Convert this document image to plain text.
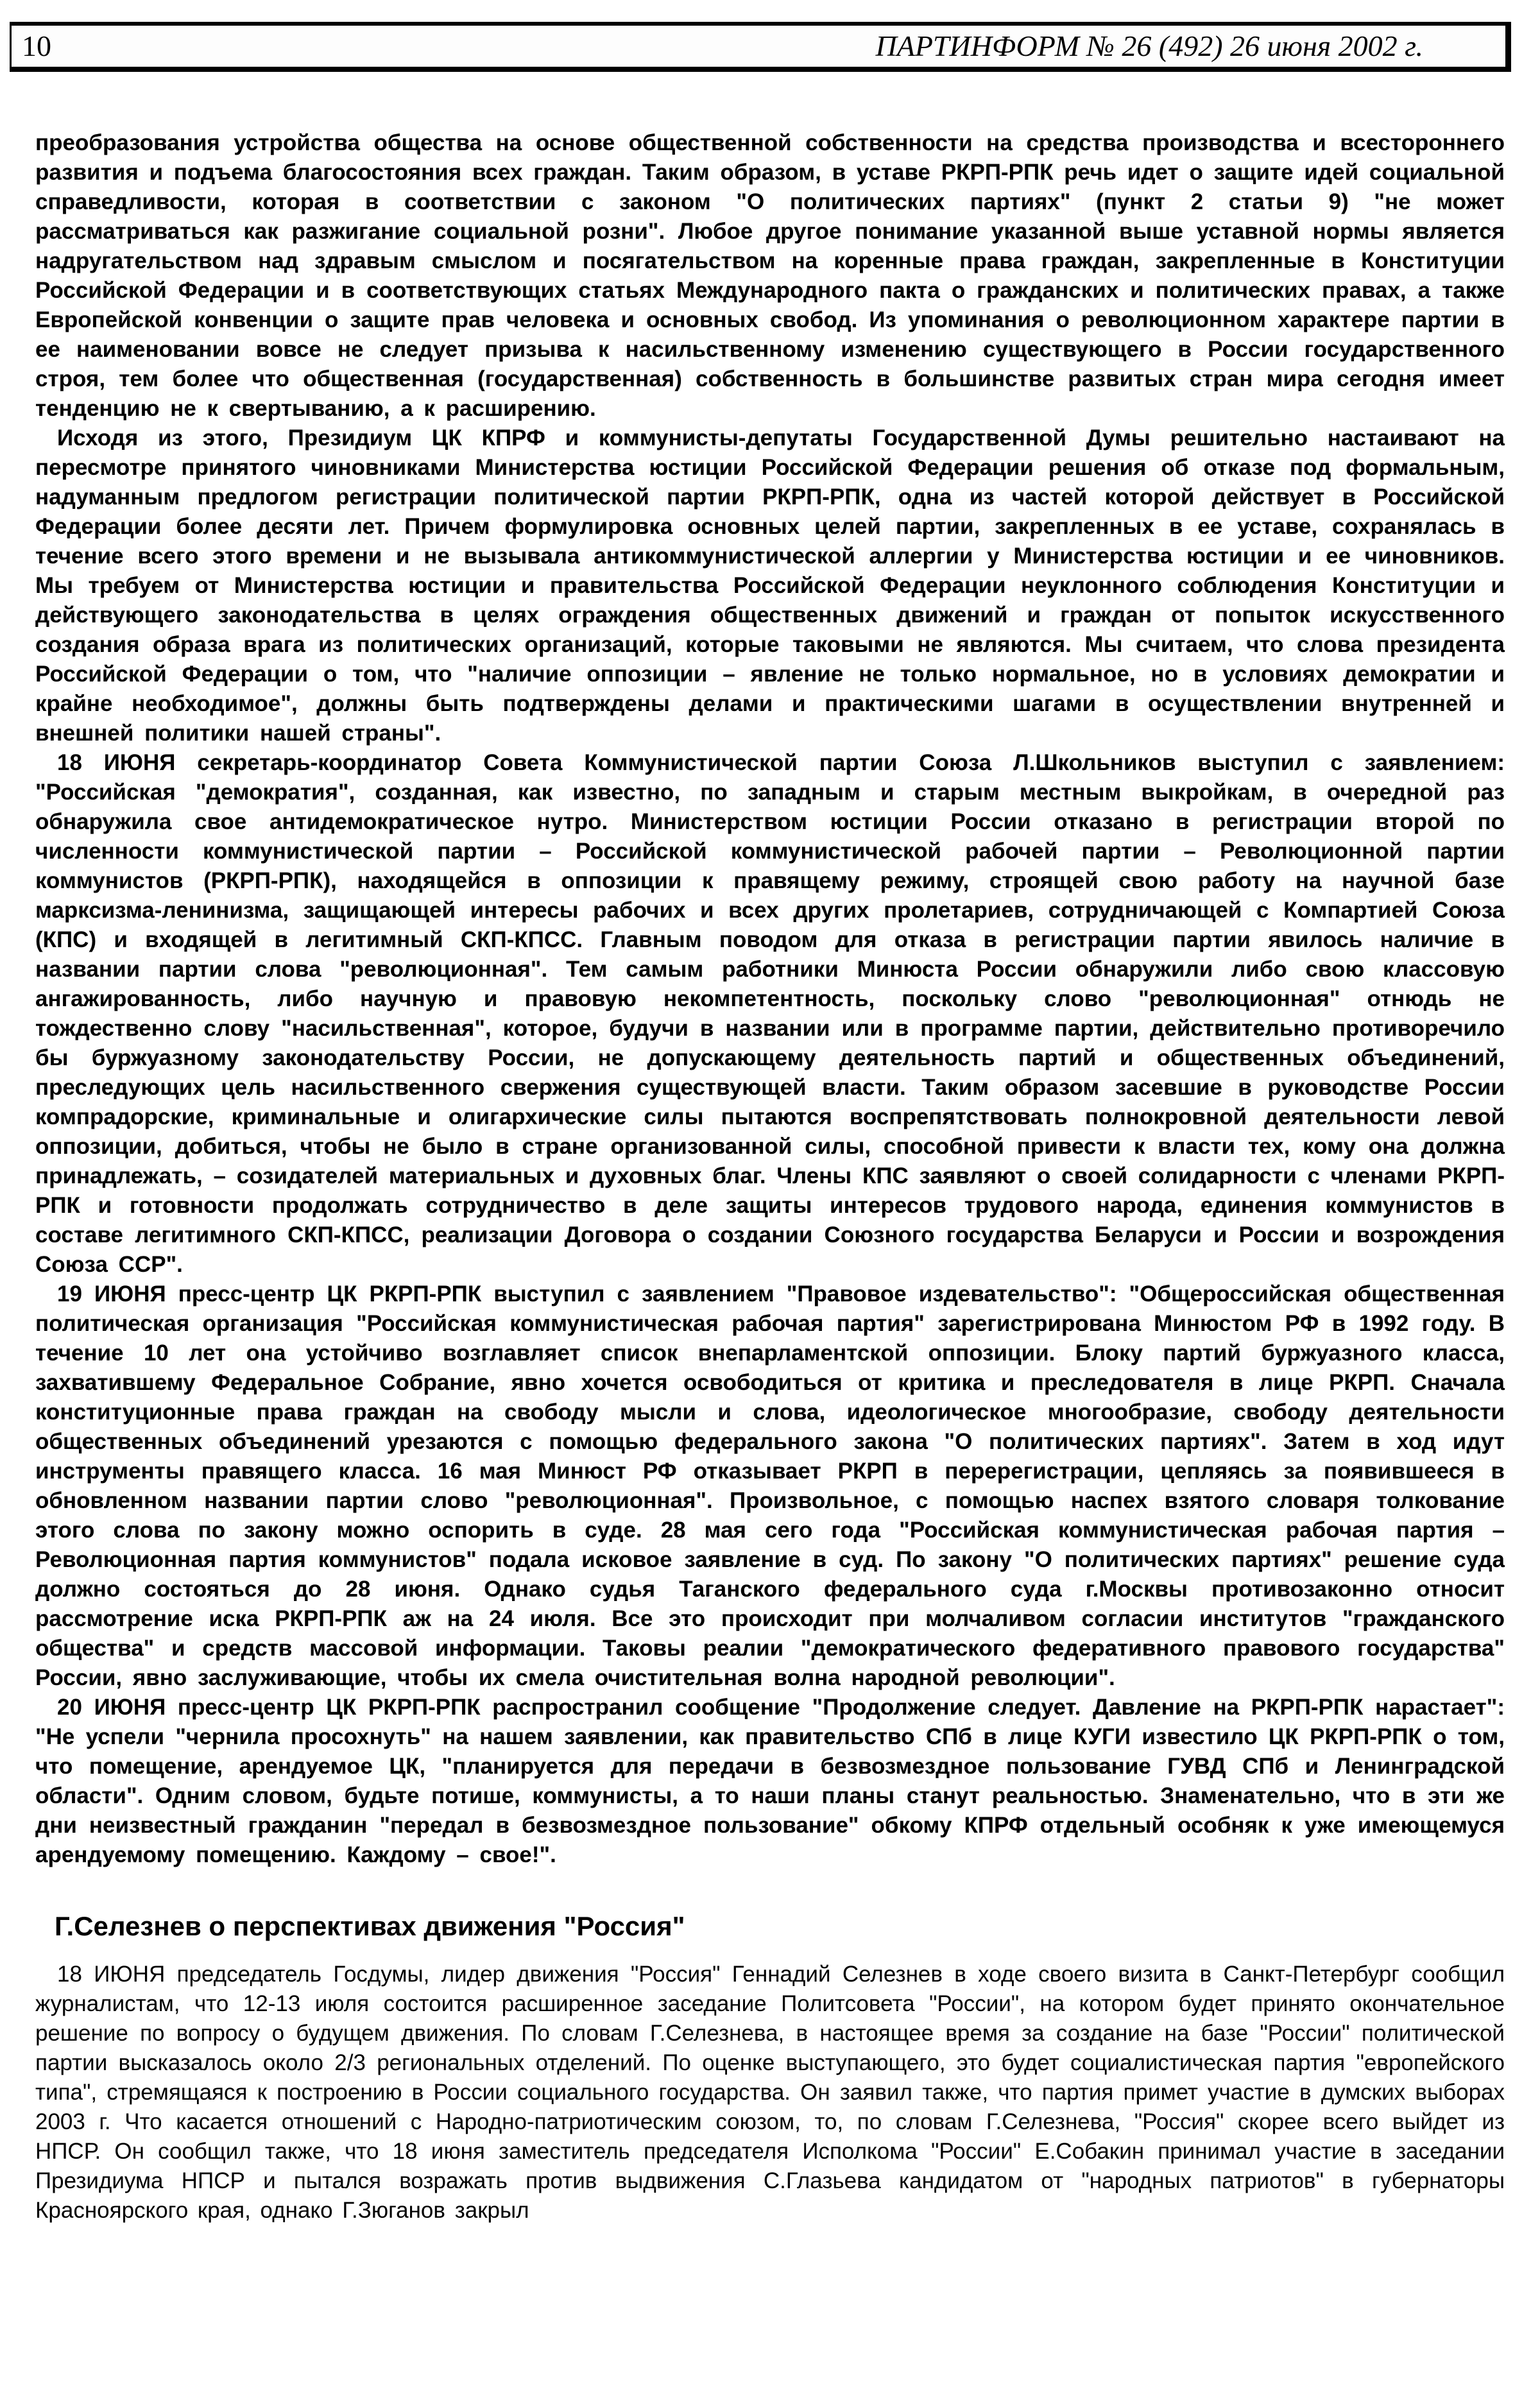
10	ПАРТИНФОРМ № 26 (492) 26 июня 2002 г.

преобразования устройства общества на основе общественной собственности на средства производства и всестороннего развития и подъема благосостояния всех граждан. Таким образом, в уставе РКРП-РПК речь идет о защите идей социальной справедливости, которая в соответствии с законом "О политических партиях" (пункт 2 статьи 9) "не может рассматриваться как разжигание социальной розни". Любое другое понимание указанной выше уставной нормы является надругательством над здравым смыслом и посягательством на коренные права граждан, закрепленные в Конституции Российской Федерации и в соответствующих статьях Международного пакта о гражданских и политических правах, а также Европейской конвенции о защите прав человека и основных свобод. Из упоминания о революционном характере партии в ее наименовании вовсе не следует призыва к насильственному изменению существующего в России государственного строя, тем более что общественная (государственная) собственность в большинстве развитых стран мира сегодня имеет тенденцию не к свертыванию, а к расширению.

Исходя из этого, Президиум ЦК КПРФ и коммунисты-депутаты Государственной Думы решительно настаивают на пересмотре принятого чиновниками Министерства юстиции Российской Федерации решения об отказе под формальным, надуманным предлогом регистрации политической партии РКРП-РПК, одна из частей которой действует в Российской Федерации более десяти лет. Причем формулировка основных целей партии, закрепленных в ее уставе, сохранялась в течение всего этого времени и не вызывала антикоммунистической аллергии у Министерства юстиции и ее чиновников. Мы требуем от Министерства юстиции и правительства Российской Федерации неуклонного соблюдения Конституции и действующего законодательства в целях ограждения общественных движений и граждан от попыток искусственного создания образа врага из политических организаций, которые таковыми не являются. Мы считаем, что слова президента Российской Федерации о том, что "наличие оппозиции – явление не только нормальное, но в условиях демократии и крайне необходимое", должны быть подтверждены делами и практическими шагами в осуществлении внутренней и внешней политики нашей страны".

18 ИЮНЯ секретарь-координатор Совета Коммунистической партии Союза Л.Школьников выступил с заявлением: "Российская "демократия", созданная, как известно, по западным и старым местным выкройкам, в очередной раз обнаружила свое антидемократическое нутро. Министерством юстиции России отказано в регистрации второй по численности коммунистической партии – Российской коммунистической рабочей партии – Революционной партии коммунистов (РКРП-РПК), находящейся в оппозиции к правящему режиму, строящей свою работу на научной базе марксизма-ленинизма, защищающей интересы рабочих и всех других пролетариев, сотрудничающей с Компартией Союза (КПС) и входящей в легитимный СКП-КПСС. Главным поводом для отказа в регистрации партии явилось наличие в названии партии слова "революционная". Тем самым работники Минюста России обнаружили либо свою классовую ангажированность, либо научную и правовую некомпетентность, поскольку слово "революционная" отнюдь не тождественно слову "насильственная", которое, будучи в названии или в программе партии, действительно противоречило бы буржуазному законодательству России, не допускающему деятельность партий и общественных объединений, преследующих цель насильственного свержения существующей власти. Таким образом засевшие в руководстве России компрадорские, криминальные и олигархические силы пытаются воспрепятствовать полнокровной деятельности левой оппозиции, добиться, чтобы не было в стране организованной силы, способной привести к власти тех, кому она должна принадлежать, – созидателей материальных и духовных благ. Члены КПС заявляют о своей солидарности с членами РКРП-РПК и готовности продолжать сотрудничество в деле защиты интересов трудового народа, единения коммунистов в составе легитимного СКП-КПСС, реализации Договора о создании Союзного государства Беларуси и России и возрождения Союза ССР".

19 ИЮНЯ пресс-центр ЦК РКРП-РПК выступил с заявлением "Правовое издевательство": "Общероссийская общественная политическая организация "Российская коммунистическая рабочая партия" зарегистрирована Минюстом РФ в 1992 году. В течение 10 лет она устойчиво возглавляет список внепарламентской оппозиции. Блоку партий буржуазного класса, захватившему Федеральное Собрание, явно хочется освободиться от критика и преследователя в лице РКРП. Сначала конституционные права граждан на свободу мысли и слова, идеологическое многообразие, свободу деятельности общественных объединений урезаются с помощью федерального закона "О политических партиях". Затем в ход идут инструменты правящего класса. 16 мая Минюст РФ отказывает РКРП в перерегистрации, цепляясь за появившееся в обновленном названии партии слово "революционная". Произвольное, с помощью наспех взятого словаря толкование этого слова по закону можно оспорить в суде. 28 мая сего года "Российская коммунистическая рабочая партия – Революционная партия коммунистов" подала исковое заявление в суд. По закону "О политических партиях" решение суда должно состояться до 28 июня. Однако судья Таганского федерального суда г.Москвы противозаконно относит рассмотрение иска РКРП-РПК аж на 24 июля. Все это происходит при молчаливом согласии институтов "гражданского общества" и средств массовой информации. Таковы реалии "демократического федеративного правового государства" России, явно заслуживающие, чтобы их смела очистительная волна народной революции".

20 ИЮНЯ пресс-центр ЦК РКРП-РПК распространил сообщение "Продолжение следует. Давление на РКРП-РПК нарастает": "Не успели "чернила просохнуть" на нашем заявлении, как правительство СПб в лице КУГИ известило ЦК РКРП-РПК о том, что помещение, арендуемое ЦК, "планируется для передачи в безвозмездное пользование ГУВД СПб и Ленинградской области". Одним словом, будьте потише, коммунисты, а то наши планы станут реальностью. Знаменательно, что в эти же дни неизвестный гражданин "передал в безвозмездное пользование" обкому КПРФ отдельный особняк к уже имеющемуся арендуемому помещению. Каждому – свое!".

Г.Селезнев о перспективах движения "Россия"

18 ИЮНЯ председатель Госдумы, лидер движения "Россия" Геннадий Селезнев в ходе своего визита в Санкт-Петербург сообщил журналистам, что 12-13 июля состоится расширенное заседание Политсовета "России", на котором будет принято окончательное решение по вопросу о будущем движения. По словам Г.Селезнева, в настоящее время за создание на базе "России" политической партии высказалось около 2/3 региональных отделений. По оценке выступающего, это будет социалистическая партия "европейского типа", стремящаяся к построению в России социального государства. Он заявил также, что партия примет участие в думских выборах 2003 г. Что касается отношений с Народно-патриотическим союзом, то, по словам Г.Селезнева, "Россия" скорее всего выйдет из НПСР. Он сообщил также, что 18 июня заместитель председателя Исполкома "России" Е.Собакин принимал участие в заседании Президиума НПСР и пытался возражать против выдвижения С.Глазьева кандидатом от "народных патриотов" в губернаторы Красноярского края, однако Г.Зюганов закрыл
